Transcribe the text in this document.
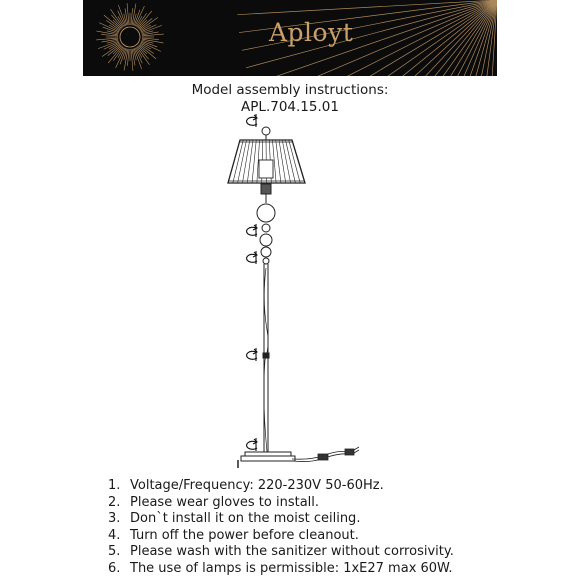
Aployt
Model assembly instructions:
APL.704.15.01
1. Voltage/Frequency: 220-230V 50-60Hz.
2. Please wear gloves to install.
3. Don`t install it on the moist ceiling.
4. Turn off the power before cleanout.
5. Please wash with the sanitizer without corrosivity.
6. The use of lamps is permissible: 1xE27 max 60W.
